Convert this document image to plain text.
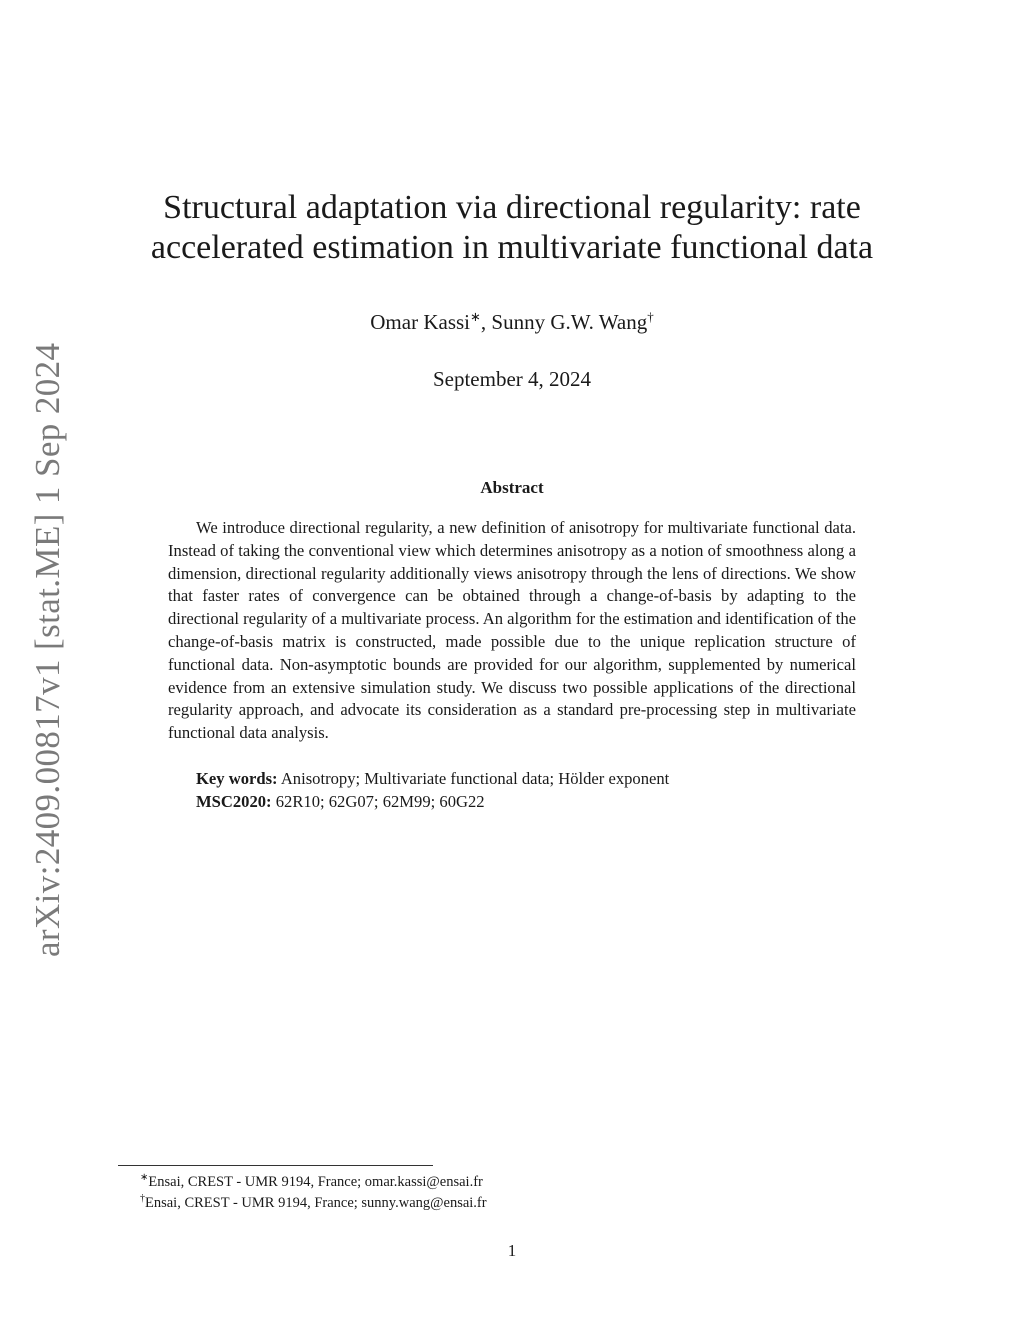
arXiv:2409.00817v1 [stat.ME] 1 Sep 2024
Structural adaptation via directional regularity: rate accelerated estimation in multivariate functional data
Omar Kassi∗, Sunny G.W. Wang†
September 4, 2024
Abstract

We introduce directional regularity, a new definition of anisotropy for multivariate functional data. Instead of taking the conventional view which determines anisotropy as a notion of smoothness along a dimension, directional regularity additionally views anisotropy through the lens of directions. We show that faster rates of convergence can be obtained through a change-of-basis by adapting to the directional regularity of a multivariate process. An algorithm for the estimation and identification of the change-of-basis matrix is constructed, made possible due to the unique replication structure of functional data. Non-asymptotic bounds are provided for our algorithm, supplemented by numerical evidence from an extensive simulation study. We discuss two possible applications of the directional regularity approach, and advocate its consideration as a standard pre-processing step in multivariate functional data analysis.

Key words: Anisotropy; Multivariate functional data; Hölder exponent
MSC2020: 62R10; 62G07; 62M99; 60G22
∗Ensai, CREST - UMR 9194, France; omar.kassi@ensai.fr
†Ensai, CREST - UMR 9194, France; sunny.wang@ensai.fr
1
